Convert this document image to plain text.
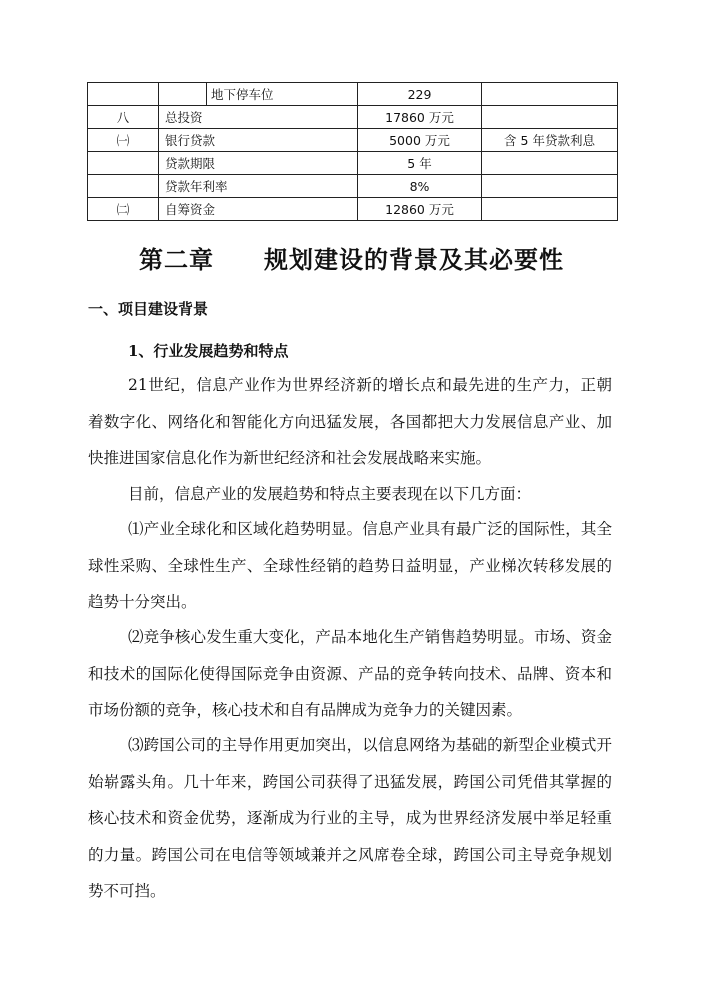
		地下停车位	229	
八	总投资		17860 万元	
㈠	银行贷款		5000 万元	含 5 年贷款利息
	贷款期限		5 年	
	贷款年利率		8%	
㈡	自筹资金		12860 万元	
第二章　　规划建设的背景及其必要性
一、项目建设背景
1、行业发展趋势和特点

21世纪，信息产业作为世界经济新的增长点和最先进的生产力，正朝着数字化、网络化和智能化方向迅猛发展，各国都把大力发展信息产业、加快推进国家信息化作为新世纪经济和社会发展战略来实施。

目前，信息产业的发展趋势和特点主要表现在以下几方面：

⑴产业全球化和区域化趋势明显。信息产业具有最广泛的国际性，其全球性采购、全球性生产、全球性经销的趋势日益明显，产业梯次转移发展的趋势十分突出。

⑵竞争核心发生重大变化，产品本地化生产销售趋势明显。市场、资金和技术的国际化使得国际竞争由资源、产品的竞争转向技术、品牌、资本和市场份额的竞争，核心技术和自有品牌成为竞争力的关键因素。

⑶跨国公司的主导作用更加突出，以信息网络为基础的新型企业模式开始崭露头角。几十年来，跨国公司获得了迅猛发展，跨国公司凭借其掌握的核心技术和资金优势，逐渐成为行业的主导，成为世界经济发展中举足轻重的力量。跨国公司在电信等领域兼并之风席卷全球，跨国公司主导竞争规划势不可挡。
